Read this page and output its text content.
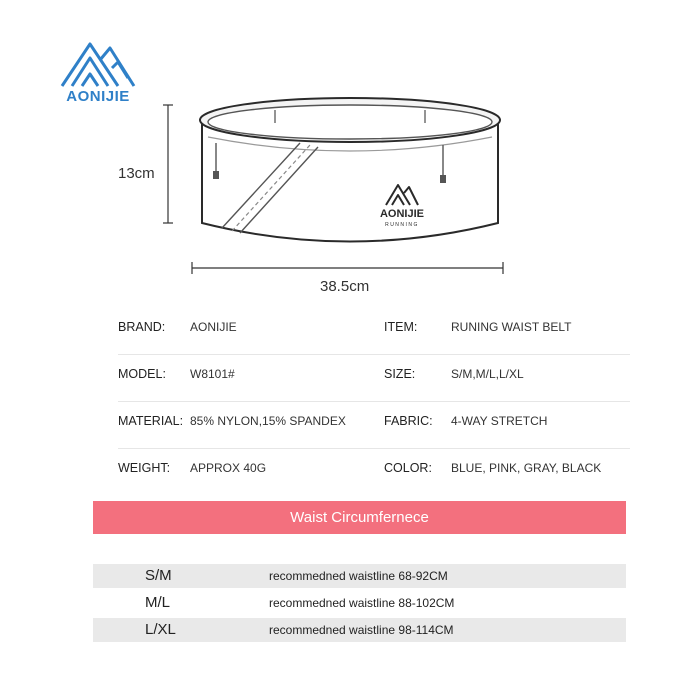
AONIJIE
AONIJIE
RUNNING
13cm
38.5cm
BRAND: AONIJIE	ITEM:	RUNING WAIST BELT
MODEL: W8101#	SIZE:	S/M,M/L,L/XL
MATERIAL: 85% NYLON,15% SPANDEX	FABRIC: 4-WAY STRETCH
WEIGHT: APPROX 40G	COLOR: BLUE, PINK, GRAY, BLACK
Waist Circumfernece
S/M	recommedned waistline 68-92CM
M/L	recommedned waistline 88-102CM
L/XL	recommedned waistline 98-114CM
